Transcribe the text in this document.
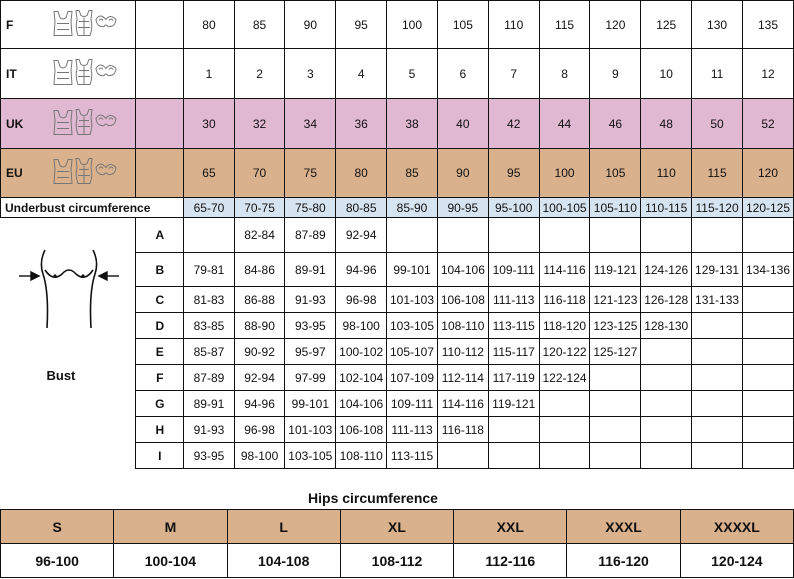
F		80	85	90	95	100	105	110	115	120	125	130	135

IT		1	2	3	4	5	6	7	8	9	10	11	12

UK		30	32	34	36	38	40	42	44	46	48	50	52

EU		65	70	75	80	85	90	95	100	105	110	115	120
Underbust circumference		65-70	70-75	75-80	80-85	85-90	90-95	95-100	100-105	105-110	110-115	115-120	120-125

Bust	A		82-84	87-89	92-94								
	B	79-81	84-86	89-91	94-96	99-101	104-106	109-111	114-116	119-121	124-126	129-131	134-136
	C	81-83	86-88	91-93	96-98	101-103	106-108	111-113	116-118	121-123	126-128	131-133	
	D	83-85	88-90	93-95	98-100	103-105	108-110	113-115	118-120	123-125	128-130		
	E	85-87	90-92	95-97	100-102	105-107	110-112	115-117	120-122	125-127			
	F	87-89	92-94	97-99	102-104	107-109	112-114	117-119	122-124				
	G	89-91	94-96	99-101	104-106	109-111	114-116	119-121					
	H	91-93	96-98	101-103	106-108	111-113	116-118						
	I	93-95	98-100	103-105	108-110	113-115							
Hips circumference
S	M	L	XL	XXL	XXXL	XXXXL
96-100	100-104	104-108	108-112	112-116	116-120	120-124
